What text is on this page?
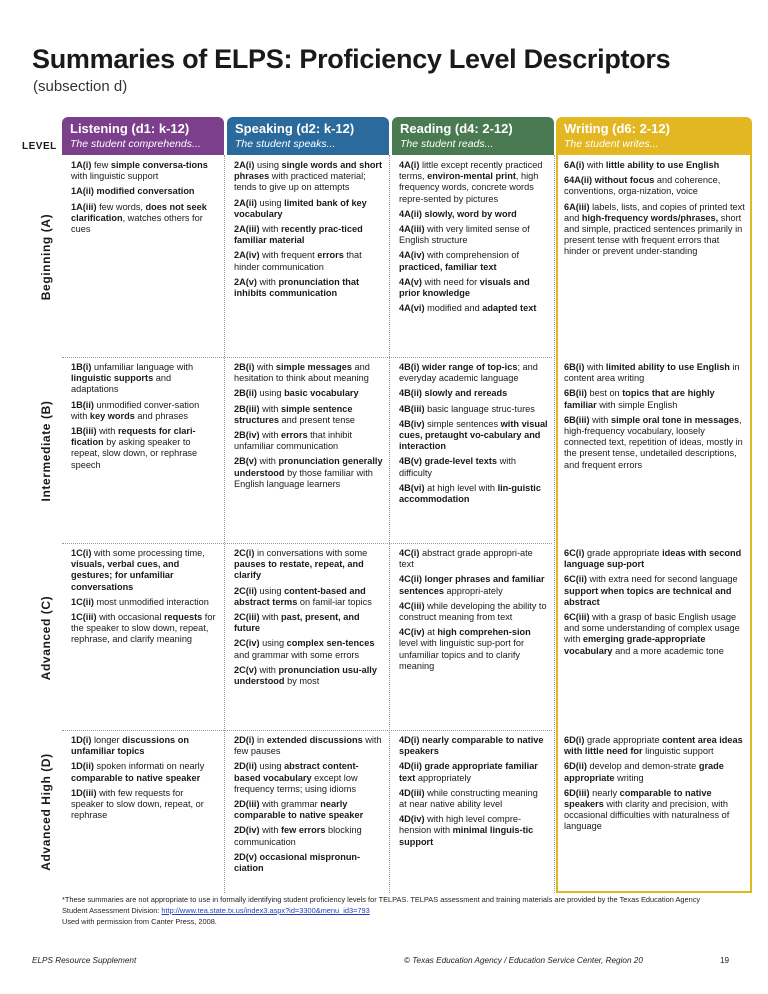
Summaries of ELPS: Proficiency Level Descriptors
(subsection d)
LEVEL
Listening (d1: k-12)
The student comprehends...
Speaking (d2: k-12)
The student speaks...
Reading (d4: 2-12)
The student reads...
Writing (d6: 2-12)
The student writes...
Beginning (A)
1A(i) few simple conversa-tions with linguistic support
1A(ii) modified conversation
1A(iii) few words, does not seek clarification, watches others for cues
2A(i) using single words and short phrases with practiced material; tends to give up on attempts
2A(ii) using limited bank of key vocabulary
2A(iii) with recently prac-ticed familiar material
2A(iv) with frequent errors that hinder communication
2A(v) with pronunciation that inhibits communication
4A(i) little except recently practiced terms, environ-mental print, high frequency words, concrete words repre-sented by pictures
4A(ii) slowly, word by word
4A(iii) with very limited sense of English structure
4A(iv) with comprehension of practiced, familiar text
4A(v) with need for visuals and prior knowledge
4A(vi) modified and adapted text
6A(i) with little ability to use English
64A(ii) without focus and coherence, conventions, orga-nization, voice
6A(iii) labels, lists, and copies of printed text and high-frequency words/phrases, short and simple, practiced sentences primarily in present tense with frequent errors that hinder or prevent under-standing
Intermediate (B)
1B(i) unfamiliar language with linguistic supports and adaptations
1B(ii) unmodified conver-sation with key words and phrases
1B(iii) with requests for clari-fication by asking speaker to repeat, slow down, or rephrase speech
2B(i) with simple messages and hesitation to think about meaning
2B(ii) using basic vocabulary
2B(iii) with simple sentence structures and present tense
2B(iv) with errors that inhibit unfamiliar communication
2B(v) with pronunciation generally understood by those familiar with English language learners
4B(i) wider range of top-ics; and everyday academic language
4B(ii) slowly and rereads
4B(iii) basic language struc-tures
4B(iv) simple sentences with visual cues, pretaught vo-cabulary and interaction
4B(v) grade-level texts with difficulty
4B(vi) at high level with lin-guistic accommodation
6B(i) with limited ability to use English in content area writing
6B(ii) best on topics that are highly familiar with simple English
6B(iii) with simple oral tone in messages, high-frequency vocabulary, loosely connected text, repetition of ideas, mostly in the present tense, undetailed descriptions, and frequent errors
Advanced (C)
1C(i) with some processing time, visuals, verbal cues, and gestures; for unfamiliar conversations
1C(ii) most unmodified interaction
1C(iii) with occasional requests for the speaker to slow down, repeat, rephrase, and clarify meaning
2C(i) in conversations with some pauses to restate, repeat, and clarify
2C(ii) using content-based and abstract terms on famil-iar topics
2C(iii) with past, present, and future
2C(iv) using complex sen-tences and grammar with some errors
2C(v) with pronunciation usu-ally understood by most
4C(i) abstract grade appropri-ate text
4C(ii) longer phrases and familiar sentences appropri-ately
4C(iii) while developing the ability to construct meaning from text
4C(iv) at high comprehen-sion level with linguistic sup-port for unfamiliar topics and to clarify meaning
6C(i) grade appropriate ideas with second language sup-port
6C(ii) with extra need for second language support when topics are technical and abstract
6C(iii) with a grasp of basic English usage and some understanding of complex usage with emerging grade-appropriate vocabulary and a more academic tone
Advanced High (D)
1D(i) longer discussions on unfamiliar topics
1D(ii) spoken informati on nearly comparable to native speaker
1D(iii) with few requests for speaker to slow down, repeat, or rephrase
2D(i) in extended discussions with few pauses
2D(ii) using abstract content-based vocabulary except low frequency terms; using idioms
2D(iii) with grammar nearly comparable to native speaker
2D(iv) with few errors blocking communication
2D(v) occasional mispronun-ciation
4D(i) nearly comparable to native speakers
4D(ii) grade appropriate familiar text appropriately
4D(iii) while constructing meaning at near native ability level
4D(iv) with high level compre-hension with minimal linguis-tic support
6D(i) grade appropriate content area ideas with little need for linguistic support
6D(ii) develop and demon-strate grade appropriate writing
6D(iii) nearly comparable to native speakers with clarity and precision, with occasional difficulties with naturalness of language
*These summaries are not appropriate to use in formally identifying student proficiency levels for TELPAS. TELPAS assessment and training materials are provided by the Texas Education Agency Student Assessment Division: http://www.tea.state.tx.us/index3.aspx?id=3300&menu_id3=793
Used with permission from Canter Press, 2008.
ELPS Resource Supplement	© Texas Education Agency / Education Service Center, Region 20	19
